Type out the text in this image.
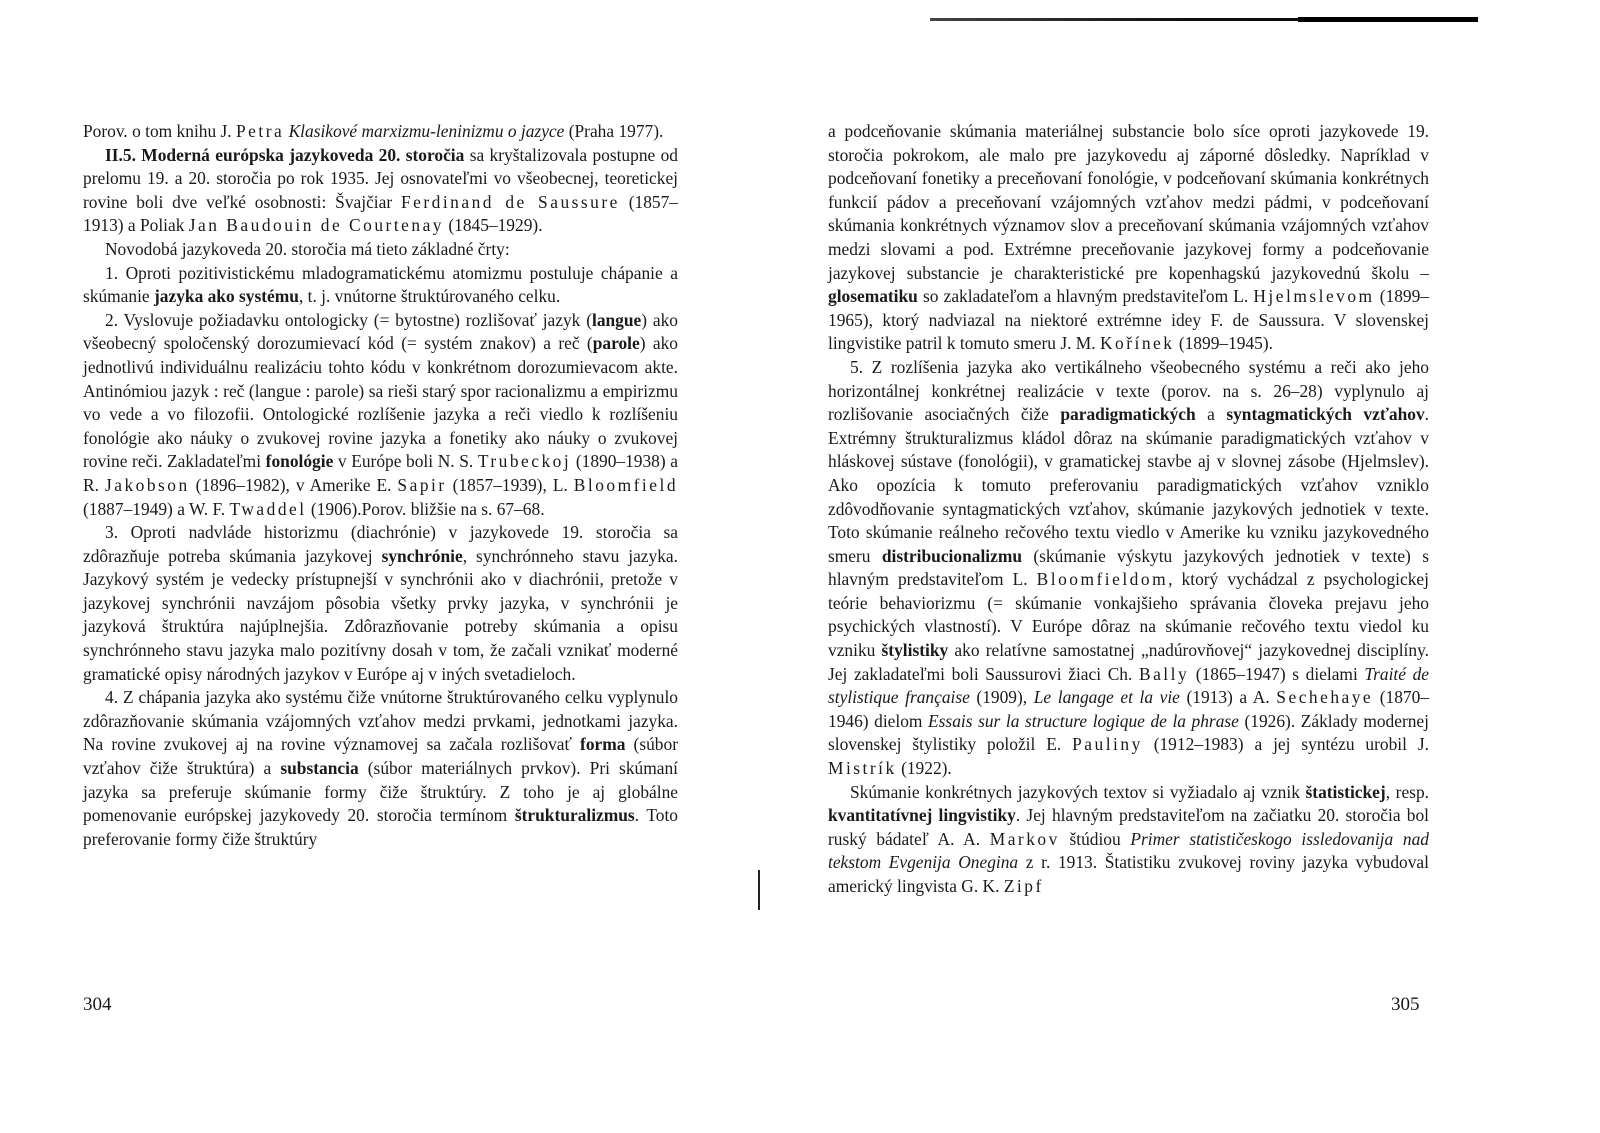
Porov. o tom knihu J. Petra Klasikové marxizmu-leninizmu o jazyce (Praha 1977).

II.5. Moderná európska jazykoveda 20. storočia sa kryštalizovala postupne od prelomu 19. a 20. storočia po rok 1935. Jej osnovateľmi vo všeobecnej, teoretickej rovine boli dve veľké osobnosti: Švajčiar Ferdinand de Saussure (1857–1913) a Poliak Jan Baudouin de Courtenay (1845–1929).

Novodobá jazykoveda 20. storočia má tieto základné črty:

1. Oproti pozitivistickému mladogramatickému atomizmu postuluje chápanie a skúmanie jazyka ako systému, t. j. vnútorne štruktúrovaného celku.

2. Vyslovuje požiadavku ontologicky (= bytostne) rozlišovať jazyk (langue) ako všeobecný spoločenský dorozumievací kód (= systém znakov) a reč (parole) ako jednotlivú individuálnu realizáciu tohto kódu v konkrétnom dorozumievacom akte. Antinómiou jazyk : reč (langue : parole) sa rieši starý spor racionalizmu a empirizmu vo vede a vo filozofii. Ontologické rozlíšenie jazyka a reči viedlo k rozlíšeniu fonológie ako náuky o zvukovej rovine jazyka a fonetiky ako náuky o zvukovej rovine reči. Zakladateľmi fonológie v Európe boli N. S. Trubeckoj (1890–1938) a R. Jakobson (1896–1982), v Amerike E. Sapir (1857–1939), L. Bloomfield (1887–1949) a W. F. Twaddel (1906).Porov. bližšie na s. 67–68.

3. Oproti nadvláde historizmu (diachrónie) v jazykovede 19. storočia sa zdôrazňuje potreba skúmania jazykovej synchrónie, synchrónneho stavu jazyka. Jazykový systém je vedecky prístupnejší v synchrónii ako v diachrónii, pretože v jazykovej synchrónii navzájom pôsobia všetky prvky jazyka, v synchrónii je jazyková štruktúra najúplnejšia. Zdôrazňovanie potreby skúmania a opisu synchrónneho stavu jazyka malo pozitívny dosah v tom, že začali vznikať moderné gramatické opisy národných jazykov v Európe aj v iných svetadieloch.

4. Z chápania jazyka ako systému čiže vnútorne štruktúrovaného celku vyplynulo zdôrazňovanie skúmania vzájomných vzťahov medzi prvkami, jednotkami jazyka. Na rovine zvukovej aj na rovine významovej sa začala rozlišovať forma (súbor vzťahov čiže štruktúra) a substancia (súbor materiálnych prvkov). Pri skúmaní jazyka sa preferuje skúmanie formy čiže štruktúry. Z toho je aj globálne pomenovanie európskej jazykovedy 20. storočia termínom štrukturalizmus. Toto preferovanie formy čiže štruktúry

304

a podceňovanie skúmania materiálnej substancie bolo síce oproti jazykovede 19. storočia pokrokom, ale malo pre jazykovedu aj záporné dôsledky. Napríklad v podceňovaní fonetiky a preceňovaní fonológie, v podceňovaní skúmania konkrétnych funkcií pádov a preceňovaní vzájomných vzťahov medzi pádmi, v podceňovaní skúmania konkrétnych významov slov a preceňovaní skúmania vzájomných vzťahov medzi slovami a pod. Extrémne preceňovanie jazykovej formy a podceňovanie jazykovej substancie je charakteristické pre kopenhagskú jazykovednú školu – glosematiku so zakladateľom a hlavným predstaviteľom L. Hjelmslevom (1899–1965), ktorý nadviazal na niektoré extrémne idey F. de Saussura. V slovenskej lingvistike patril k tomuto smeru J. M. Kořínek (1899–1945).

5. Z rozlíšenia jazyka ako vertikálneho všeobecného systému a reči ako jeho horizontálnej konkrétnej realizácie v texte (porov. na s. 26–28) vyplynulo aj rozlišovanie asociačných čiže paradigmatických a syntagmatických vzťahov. Extrémny štrukturalizmus kládol dôraz na skúmanie paradigmatických vzťahov v hláskovej sústave (fonológii), v gramatickej stavbe aj v slovnej zásobe (Hjelmslev). Ako opozícia k tomuto preferovaniu paradigmatických vzťahov vzniklo zdôvodňovanie syntagmatických vzťahov, skúmanie jazykových jednotiek v texte. Toto skúmanie reálneho rečového textu viedlo v Amerike ku vzniku jazykovedného smeru distribucionalizmu (skúmanie výskytu jazykových jednotiek v texte) s hlavným predstaviteľom L. Bloomfieldom, ktorý vychádzal z psychologickej teórie behaviorizmu (= skúmanie vonkajšieho správania človeka prejavu jeho psychických vlastností). V Európe dôraz na skúmanie rečového textu viedol ku vzniku štylistiky ako relatívne samostatnej „nadúrovňovej“ jazykovednej disciplíny. Jej zakladateľmi boli Saussurovi žiaci Ch. Bally (1865–1947) s dielami Traité de stylistique française (1909), Le langage et la vie (1913) a A. Sechehaye (1870–1946) dielom Essais sur la structure logique de la phrase (1926). Základy modernej slovenskej štylistiky položil E. Pauliny (1912–1983) a jej syntézu urobil J. Mistrík (1922).

Skúmanie konkrétnych jazykových textov si vyžiadalo aj vznik štatistickej, resp. kvantitatívnej lingvistiky. Jej hlavným predstaviteľom na začiatku 20. storočia bol ruský bádateľ A. A. Markov štúdiou Primer statističeskogo issledovanija nad tekstom Evgenija Onegina z r. 1913. Štatistiku zvukovej roviny jazyka vybudoval americký lingvista G. K. Zipf

305
